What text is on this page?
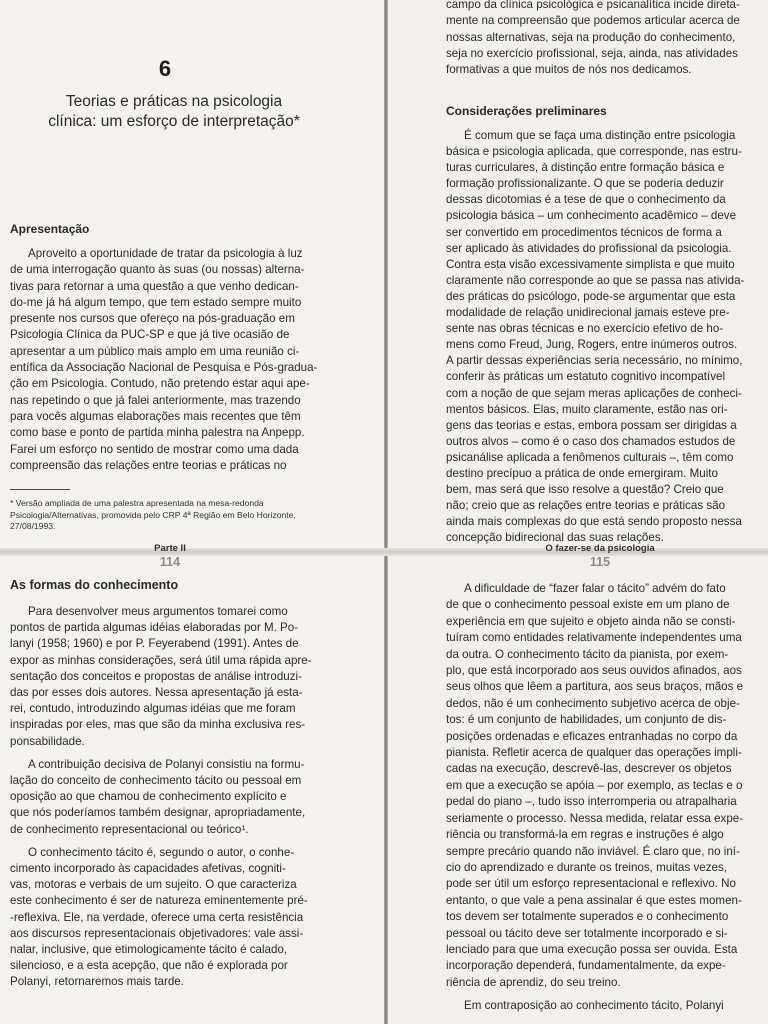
6
Teorias e práticas na psicologia
clínica: um esforço de interpretação*
Apresentação

Aproveito a oportunidade de tratar da psicologia à luz

de uma interrogação quanto às suas (ou nossas) alterna-

tivas para retornar a uma questão a que venho dedican-

do-me já há algum tempo, que tem estado sempre muito

presente nos cursos que ofereço na pós-graduação em

Psicologia Clínica da PUC-SP e que já tive ocasião de

apresentar a um público mais amplo em uma reunião ci-

entífica da Associação Nacional de Pesquisa e Pós-gradua-

ção em Psicologia. Contudo, não pretendo estar aqui ape-

nas repetindo o que já falei anteriormente, mas trazendo

para vocês algumas elaborações mais recentes que têm

como base e ponto de partida minha palestra na Anpepp.

Farei um esforço no sentido de mostrar como uma dada

compreensão das relações entre teorias e práticas no

* Versão ampliada de uma palestra apresentada na mesa-redonda Psicologia/Alternativas, promovida pelo CRP 4ª Região em Belo Horizonte, 27/08/1993.
Parte II
114

campo da clínica psicológica e psicanalítica incide direta-

mente na compreensão que podemos articular acerca de

nossas alternativas, seja na produção do conhecimento,

seja no exercício profissional, seja, ainda, nas atividades

formativas a que muitos de nós nos dedicamos.

Considerações preliminares

É comum que se faça uma distinção entre psicologia

básica e psicologia aplicada, que corresponde, nas estru-

turas curriculares, à distinção entre formação básica e

formação profissionalizante. O que se poderia deduzir

dessas dicotomias é a tese de que o conhecimento da

psicologia básica – um conhecimento acadêmico – deve

ser convertido em procedimentos técnicos de forma a

ser aplicado às atividades do profissional da psicologia.

Contra esta visão excessivamente simplista e que muito

claramente não corresponde ao que se passa nas ativida-

des práticas do psicólogo, pode-se argumentar que esta

modalidade de relação unidirecional jamais esteve pre-

sente nas obras técnicas e no exercício efetivo de ho-

mens como Freud, Jung, Rogers, entre inúmeros outros.

A partir dessas experiências seria necessário, no mínimo,

conferir às práticas um estatuto cognitivo incompatível

com a noção de que sejam meras aplicações de conheci-

mentos básicos. Elas, muito claramente, estão nas ori-

gens das teorias e estas, embora possam ser dirigidas a

outros alvos – como é o caso dos chamados estudos de

psicanálise aplicada a fenômenos culturais –, têm como

destino precípuo a prática de onde emergiram. Muito

bem, mas será que isso resolve a questão? Creio que

não; creio que as relações entre teorias e práticas são

ainda mais complexas do que está sendo proposto nessa

concepção bidirecional das suas relações.

O fazer-se da psicologia
115
As formas do conhecimento

Para desenvolver meus argumentos tomarei como

pontos de partida algumas idéias elaboradas por M. Po-

lanyi (1958; 1960) e por P. Feyerabend (1991). Antes de

expor as minhas considerações, será útil uma rápida apre-

sentação dos conceitos e propostas de análise introduzi-

das por esses dois autores. Nessa apresentação já esta-

rei, contudo, introduzindo algumas idéias que me foram

inspiradas por eles, mas que são da minha exclusiva res-

ponsabilidade.

A contribuição decisiva de Polanyi consistiu na formu-

lação do conceito de conhecimento tácito ou pessoal em

oposição ao que chamou de conhecimento explícito e

que nós poderíamos também designar, apropriadamente,

de conhecimento representacional ou teórico¹.

O conhecimento tácito é, segundo o autor, o conhe-

cimento incorporado às capacidades afetivas, cogniti-

vas, motoras e verbais de um sujeito. O que caracteriza

este conhecimento é ser de natureza eminentemente pré-

-reflexiva. Ele, na verdade, oferece uma certa resistência

aos discursos representacionais objetivadores: vale assi-

nalar, inclusive, que etimologicamente tácito é calado,

silencioso, e a esta acepção, que não é explorada por

Polanyi, retornaremos mais tarde.

A dificuldade de “fazer falar o tácito” advém do fato

de que o conhecimento pessoal existe em um plano de

experiência em que sujeito e objeto ainda não se consti-

tuíram como entidades relativamente independentes uma

da outra. O conhecimento tácito da pianista, por exem-

plo, que está incorporado aos seus ouvidos afinados, aos

seus olhos que lêem a partitura, aos seus braços, mãos e

dedos, não é um conhecimento subjetivo acerca de obje-

tos: é um conjunto de habilidades, um conjunto de dis-

posições ordenadas e eficazes entranhadas no corpo da

pianista. Refletir acerca de qualquer das operações impli-

cadas na execução, descrevê-las, descrever os objetos

em que a execução se apóia – por exemplo, as teclas e o

pedal do piano –, tudo isso interromperia ou atrapalharia

seriamente o processo. Nessa medida, relatar essa expe-

riência ou transformá-la em regras e instruções é algo

sempre precário quando não inviável. É claro que, no iní-

cio do aprendizado e durante os treinos, muitas vezes,

pode ser útil um esforço representacional e reflexivo. No

entanto, o que vale a pena assinalar é que estes momen-

tos devem ser totalmente superados e o conhecimento

pessoal ou tácito deve ser totalmente incorporado e si-

lenciado para que uma execução possa ser ouvida. Esta

incorporação dependerá, fundamentalmente, da expe-

riência de aprendiz, do seu treino.

Em contraposição ao conhecimento tácito, Polanyi
